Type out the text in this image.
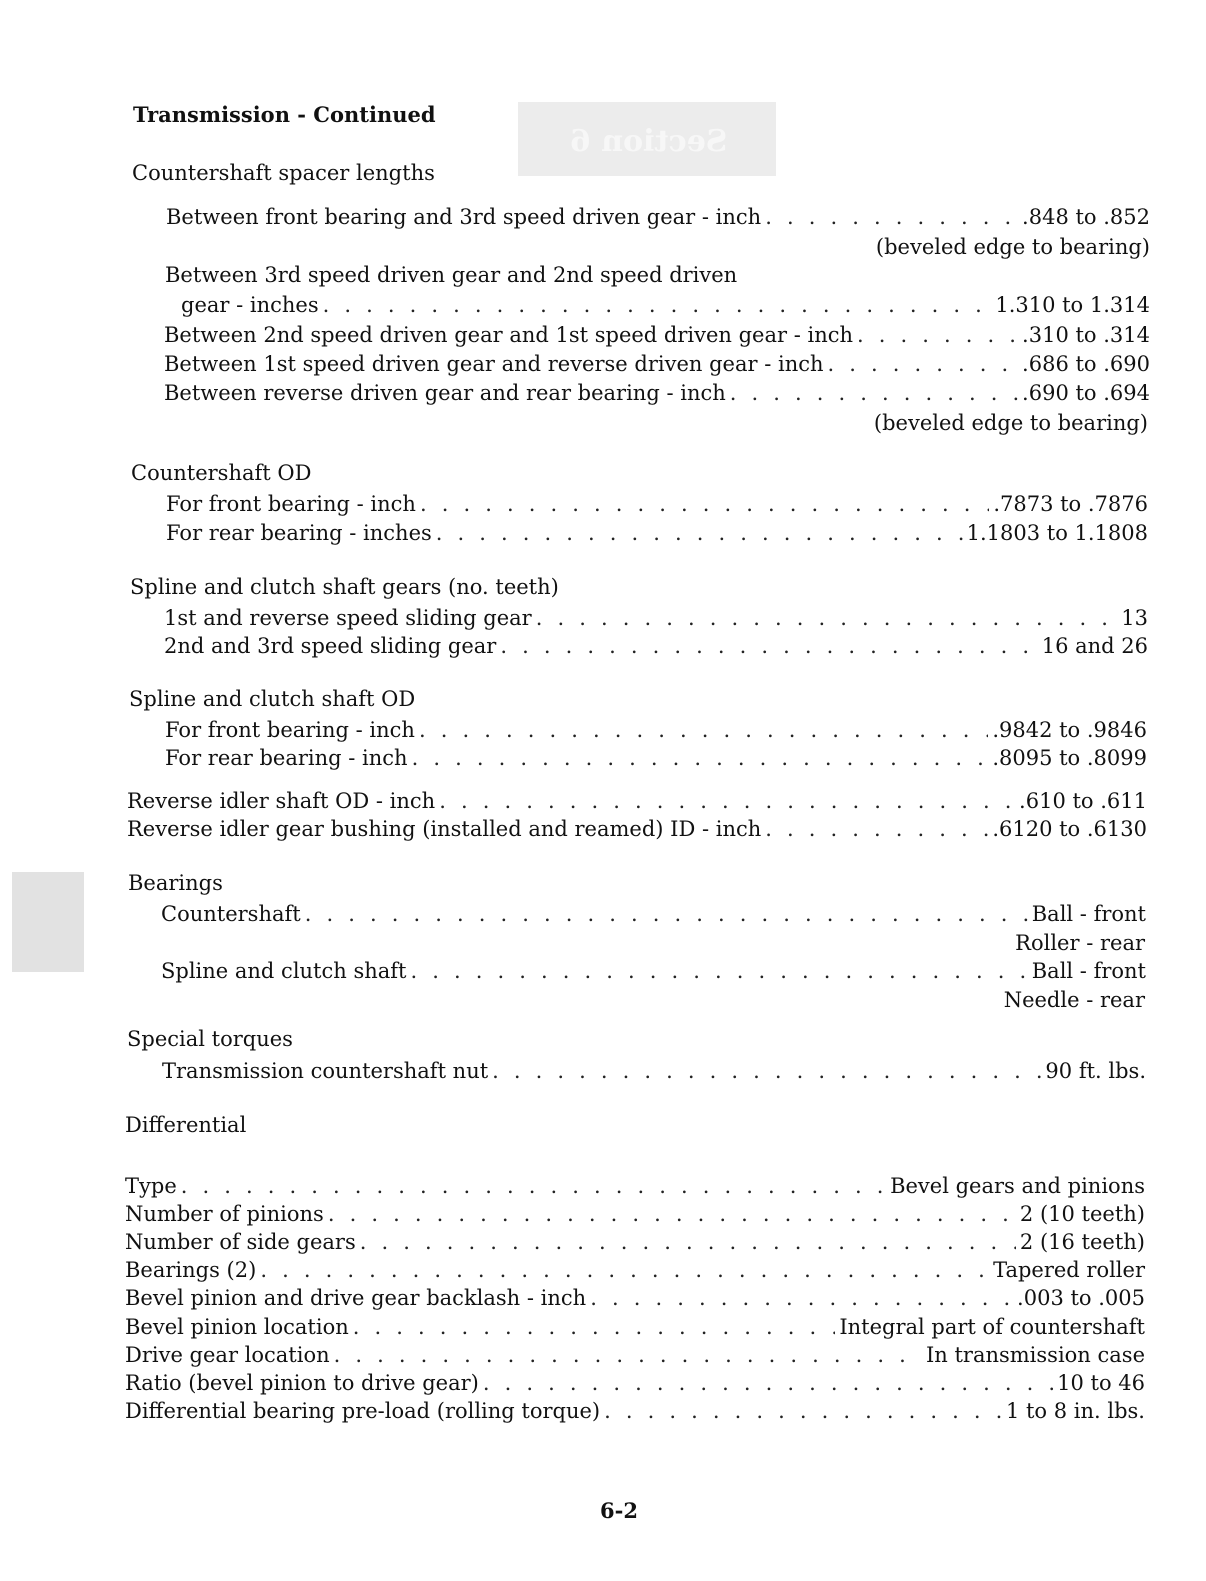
Section 6
Transmission - Continued
Countershaft spacer lengths
Between front bearing and 3rd speed driven gear - inch . . .	.848 to .852
(beveled edge to bearing)
Between 3rd speed driven gear and 2nd speed driven
gear - inches . . .	1.310 to 1.314
Between 2nd speed driven gear and 1st speed driven gear - inch . . .	.310 to .314
Between 1st speed driven gear and reverse driven gear - inch . . .	.686 to .690
Between reverse driven gear and rear bearing - inch . . .	.690 to .694
(beveled edge to bearing)
Countershaft OD
For front bearing - inch . . .	.7873 to .7876
For rear bearing - inches . . .	1.1803 to 1.1808
Spline and clutch shaft gears (no. teeth)
1st and reverse speed sliding gear . . .	13
2nd and 3rd speed sliding gear . . .	16 and 26
Spline and clutch shaft OD
For front bearing - inch . . .	.9842 to .9846
For rear bearing - inch . . .	.8095 to .8099
Reverse idler shaft OD - inch . . .	.610 to .611
Reverse idler gear bushing (installed and reamed) ID - inch . . .	.6120 to .6130
Bearings
Countershaft . . .	Ball - front
Roller - rear
Spline and clutch shaft . . .	Ball - front
Needle - rear
Special torques
Transmission countershaft nut . . .	90 ft. lbs.
Differential
Type . . .	Bevel gears and pinions
Number of pinions . . .	2 (10 teeth)
Number of side gears . . .	2 (16 teeth)
Bearings (2) . . .	Tapered roller
Bevel pinion and drive gear backlash - inch . . .	.003 to .005
Bevel pinion location . . .	Integral part of countershaft
Drive gear location . . .	In transmission case
Ratio (bevel pinion to drive gear) . . .	10 to 46
Differential bearing pre-load (rolling torque) . . .	1 to 8 in. lbs.
6-2
